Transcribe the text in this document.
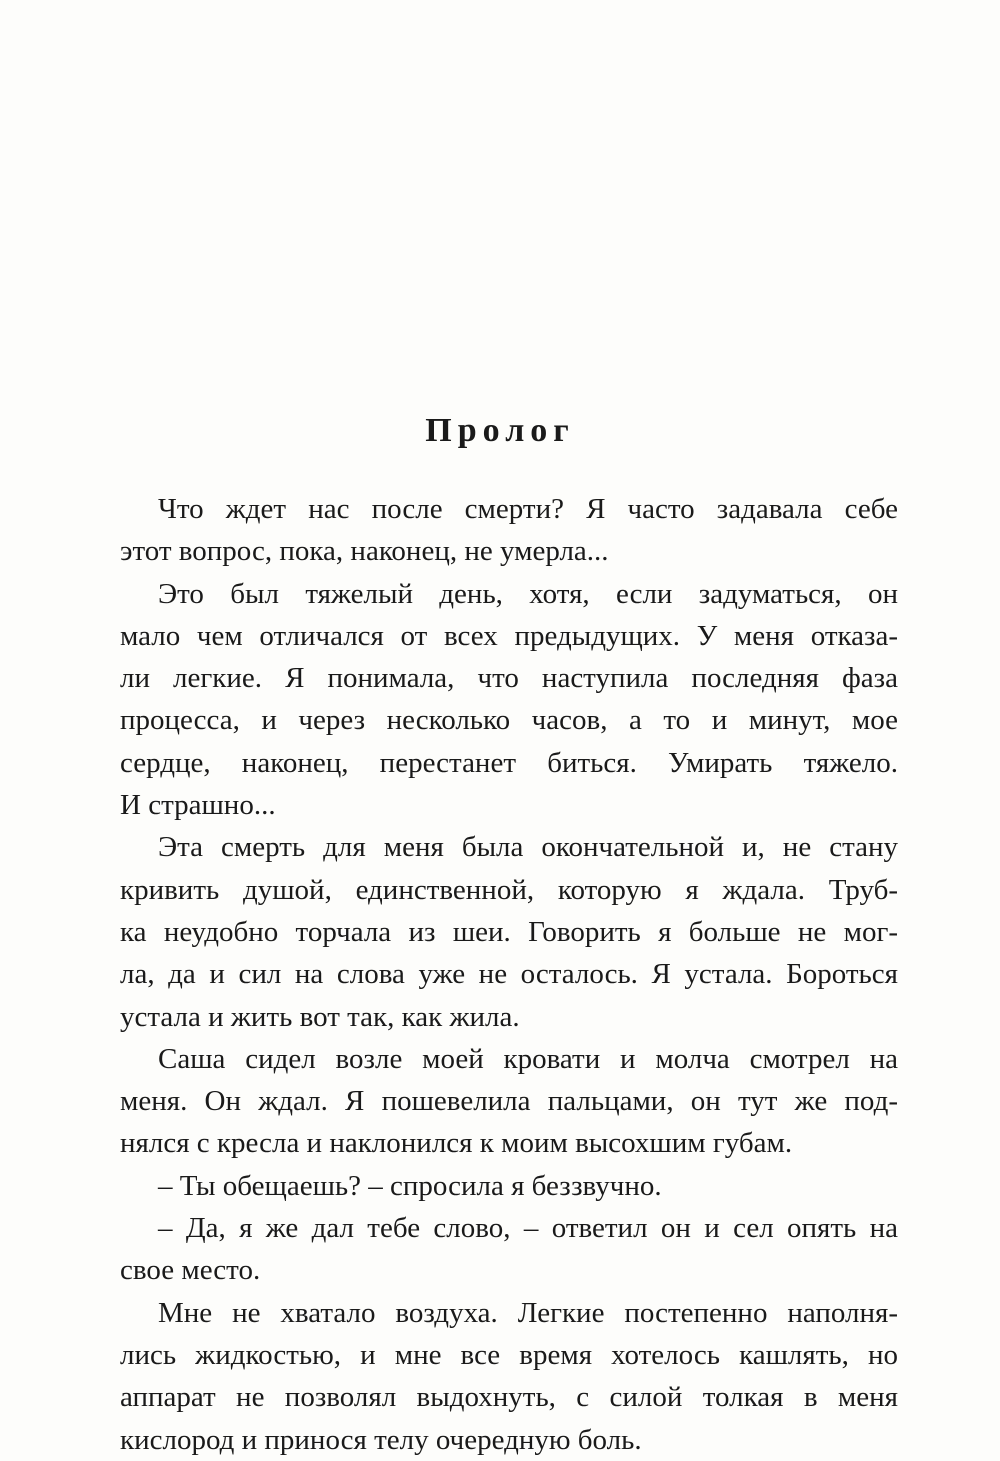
Пролог
Что ждет нас после смерти? Я часто задавала себе
этот вопрос, пока, наконец, не умерла...
Это был тяжелый день, хотя, если задуматься, он
мало чем отличался от всех предыдущих. У меня отказа-
ли легкие. Я понимала, что наступила последняя фаза
процесса, и через несколько часов, а то и минут, мое
сердце, наконец, перестанет биться. Умирать тяжело.
И страшно...
Эта смерть для меня была окончательной и, не стану
кривить душой, единственной, которую я ждала. Труб-
ка неудобно торчала из шеи. Говорить я больше не мог-
ла, да и сил на слова уже не осталось. Я устала. Бороться
устала и жить вот так, как жила.
Саша сидел возле моей кровати и молча смотрел на
меня. Он ждал. Я пошевелила пальцами, он тут же под-
нялся с кресла и наклонился к моим высохшим губам.
– Ты обещаешь? – спросила я беззвучно.
– Да, я же дал тебе слово, – ответил он и сел опять на
свое место.
Мне не хватало воздуха. Легкие постепенно наполня-
лись жидкостью, и мне все время хотелось кашлять, но
аппарат не позволял выдохнуть, с силой толкая в меня
кислород и принося телу очередную боль.
